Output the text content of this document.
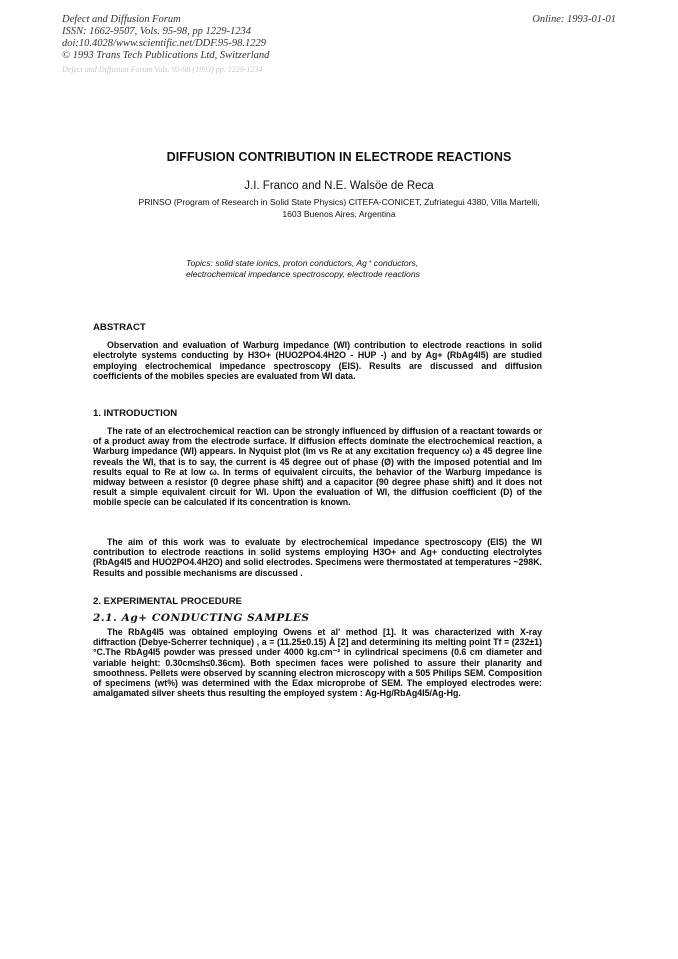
Defect and Diffusion Forum
ISSN: 1662-9507, Vols. 95-98, pp 1229-1234
doi:10.4028/www.scientific.net/DDF.95-98.1229
© 1993 Trans Tech Publications Ltd, Switzerland
Online: 1993-01-01
Defect and Diffusion Forum Vols. 95-98 (1993) pp. 1229-1234
DIFFUSION CONTRIBUTION IN ELECTRODE REACTIONS
J.I. Franco and N.E. Walsöe de Reca
PRINSO (Program of Research in Solid State Physics) CITEFA-CONICET, Zufriategui 4380, Villa Martelli,
1603 Buenos Aires, Argentina
Topics: solid state ionics, proton conductors, Ag⁺ conductors,
electrochemical impedance spectroscopy, electrode reactions
ABSTRACT
Observation and evaluation of Warburg impedance (WI) contribution to electrode reactions in solid electrolyte systems conducting by H3O+ (HUO2PO4.4H2O - HUP -) and by Ag+ (RbAg4I5) are studied employing electrochemical impedance spectroscopy (EIS). Results are discussed and diffusion coefficients of the mobiles species are evaluated from WI data.
1. INTRODUCTION
The rate of an electrochemical reaction can be strongly influenced by diffusion of a reactant towards or of a product away from the electrode surface. If diffusion effects dominate the electrochemical reaction, a Warburg impedance (WI) appears. In Nyquist plot (Im vs Re at any excitation frequency ω) a 45 degree line reveals the WI, that is to say, the current is 45 degree out of phase (Ø) with the imposed potential and Im results equal to Re at low ω. In terms of equivalent circuits, the behavior of the Warburg impedance is midway between a resistor (0 degree phase shift) and a capacitor (90 degree phase shift) and it does not result a simple equivalent circuit for WI. Upon the evaluation of WI, the diffusion coefficient (D) of the mobile specie can be calculated if its concentration is known.
The aim of this work was to evaluate by electrochemical impedance spectroscopy (EIS) the WI contribution to electrode reactions in solid systems employing H3O+ and Ag+ conducting electrolytes (RbAg4I5 and HUO2PO4.4H2O) and solid electrodes. Specimens were thermostated at temperatures ~298K. Results and possible mechanisms are discussed .
2. EXPERIMENTAL PROCEDURE
2.1. Ag+ CONDUCTING SAMPLES
The RbAg4I5 was obtained employing Owens et al' method [1]. It was characterized with X-ray diffraction (Debye-Scherrer technique) , a = (11.25±0.15) Å [2] and determining its melting point Tf = (232±1)°C.The RbAg4I5 powder was pressed under 4000 kg.cm⁻² in cylindrical specimens (0.6 cm diameter and variable height: 0.30cm≤h≤0.36cm). Both specimen faces were polished to assure their planarity and smoothness. Pellets were observed by scanning electron microscopy with a 505 Philips SEM. Composition of specimens (wt%) was determined with the Edax microprobe of SEM. The employed electrodes were: amalgamated silver sheets thus resulting the employed system : Ag-Hg/RbAg4I5/Ag-Hg.
